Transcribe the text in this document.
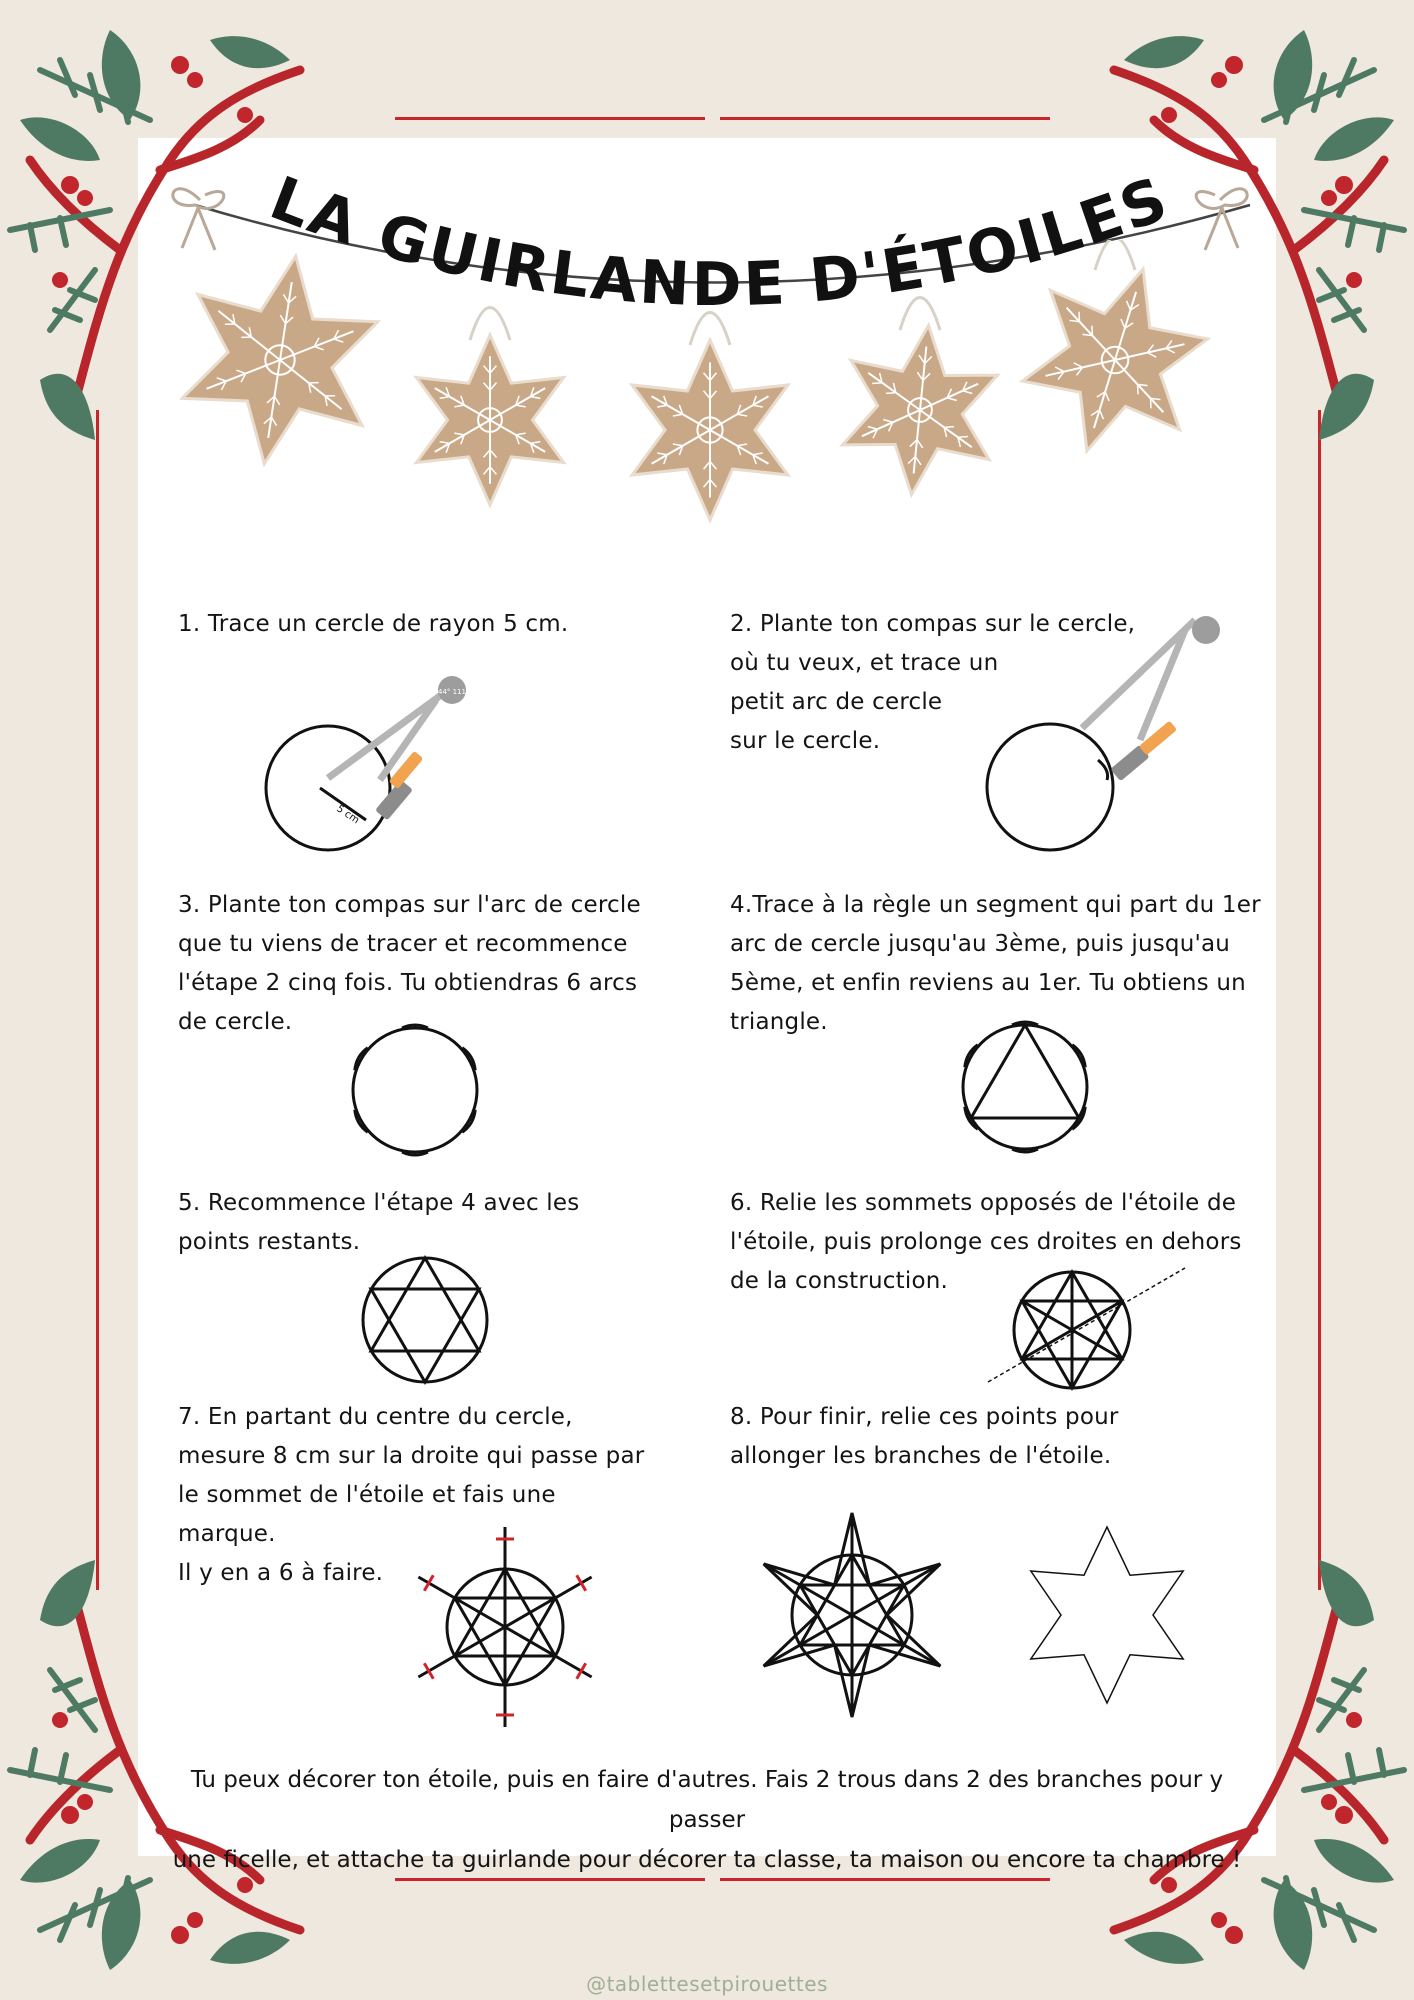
LA GUIRLANDE D'ÉTOILES
1. Trace un cercle de rayon 5 cm.	2. Plante ton compas sur le cercle,
où tu veux, et trace un
petit arc de cercle
sur le cercle.
3. Plante ton compas sur l'arc de cercle
que tu viens de tracer et recommence
l'étape 2 cinq fois. Tu obtiendras 6 arcs
de cercle.
4.Trace à la règle un segment qui part du 1er
arc de cercle jusqu'au 3ème, puis jusqu'au
5ème, et enfin reviens au 1er. Tu obtiens un
triangle.
5. Recommence l'étape 4 avec les
points restants.
6. Relie les sommets opposés de l'étoile de
l'étoile, puis prolonge ces droites en dehors
de la construction.
7. En partant du centre du cercle,
mesure 8 cm sur la droite qui passe par
le sommet de l'étoile et fais une
marque.
Il y en a 6 à faire.
8. Pour finir, relie ces points pour
allonger les branches de l'étoile.
5 cm
44° 111
Tu peux décorer ton étoile, puis en faire d'autres. Fais 2 trous dans 2 des branches pour y passer
une ficelle, et attache ta guirlande pour décorer ta classe, ta maison ou encore ta chambre !
@tablettesetpirouettes
